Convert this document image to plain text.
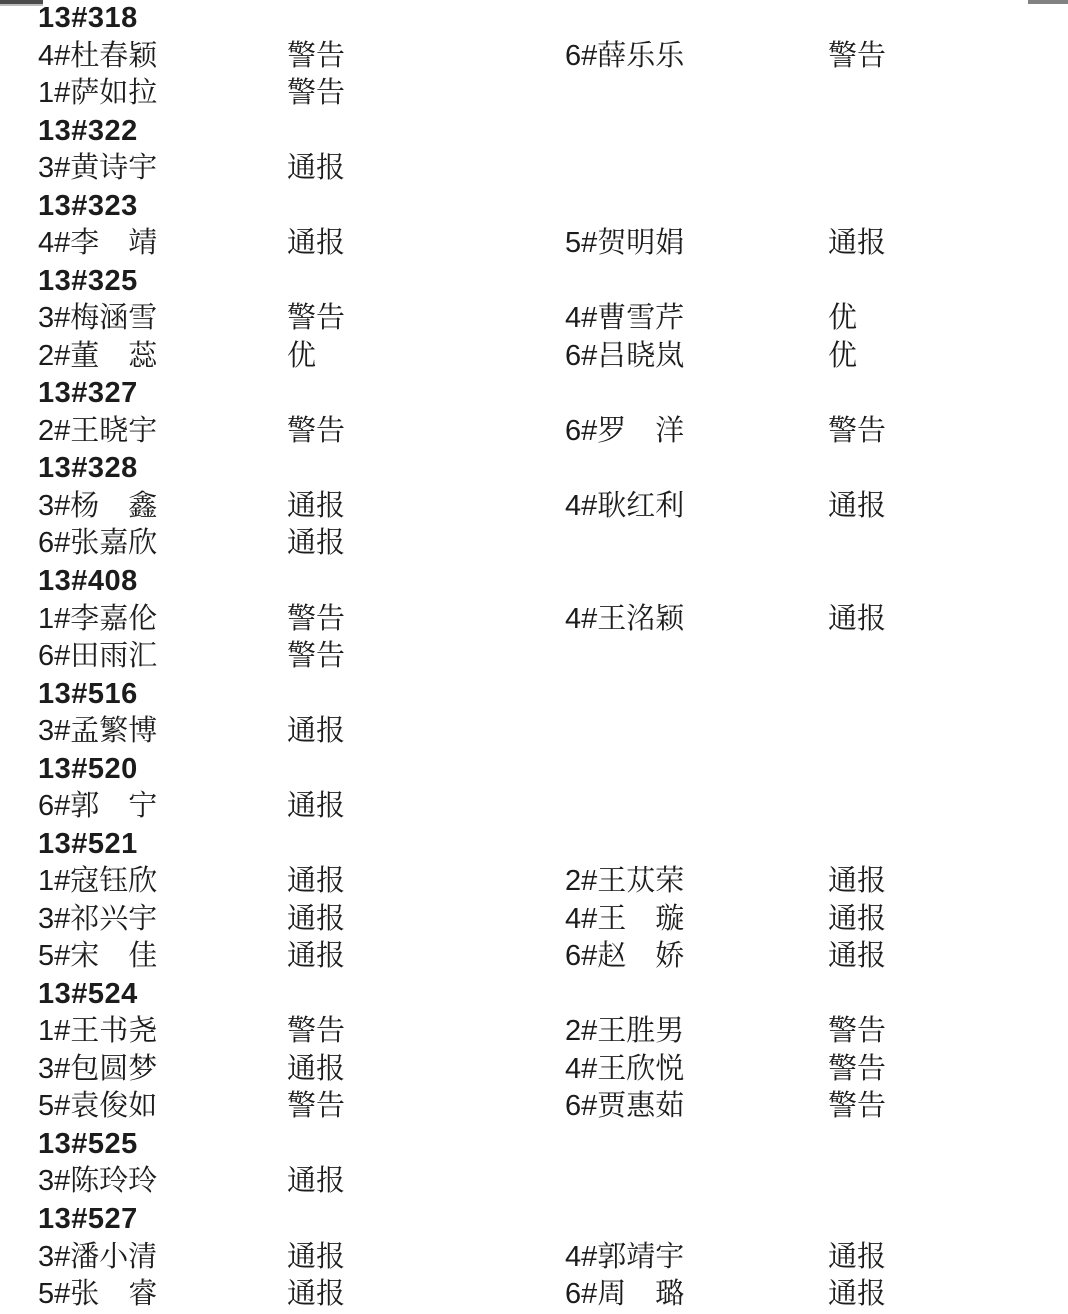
13#318
4#杜春颖	警告	6#薛乐乐	警告
1#萨如拉	警告
13#322
3#黄诗宇	通报
13#323
4#李　靖	通报	5#贺明娟	通报
13#325
3#梅涵雪	警告	4#曹雪芹	优
2#董　蕊	优	6#吕晓岚	优
13#327
2#王晓宇	警告	6#罗　洋	警告
13#328
3#杨　鑫	通报	4#耿红利	通报
6#张嘉欣	通报
13#408
1#李嘉伦	警告	4#王洺颖	通报
6#田雨汇	警告
13#516
3#孟繁博	通报
13#520
6#郭　宁	通报
13#521
1#寇钰欣	通报	2#王苁荣	通报
3#祁兴宇	通报	4#王　璇	通报
5#宋　佳	通报	6#赵　娇	通报
13#524
1#王书尧	警告	2#王胜男	警告
3#包圆梦	通报	4#王欣悦	警告
5#袁俊如	警告	6#贾惠茹	警告
13#525
3#陈玲玲	通报
13#527
3#潘小清	通报	4#郭靖宇	通报
5#张　睿	通报	6#周　璐	通报
